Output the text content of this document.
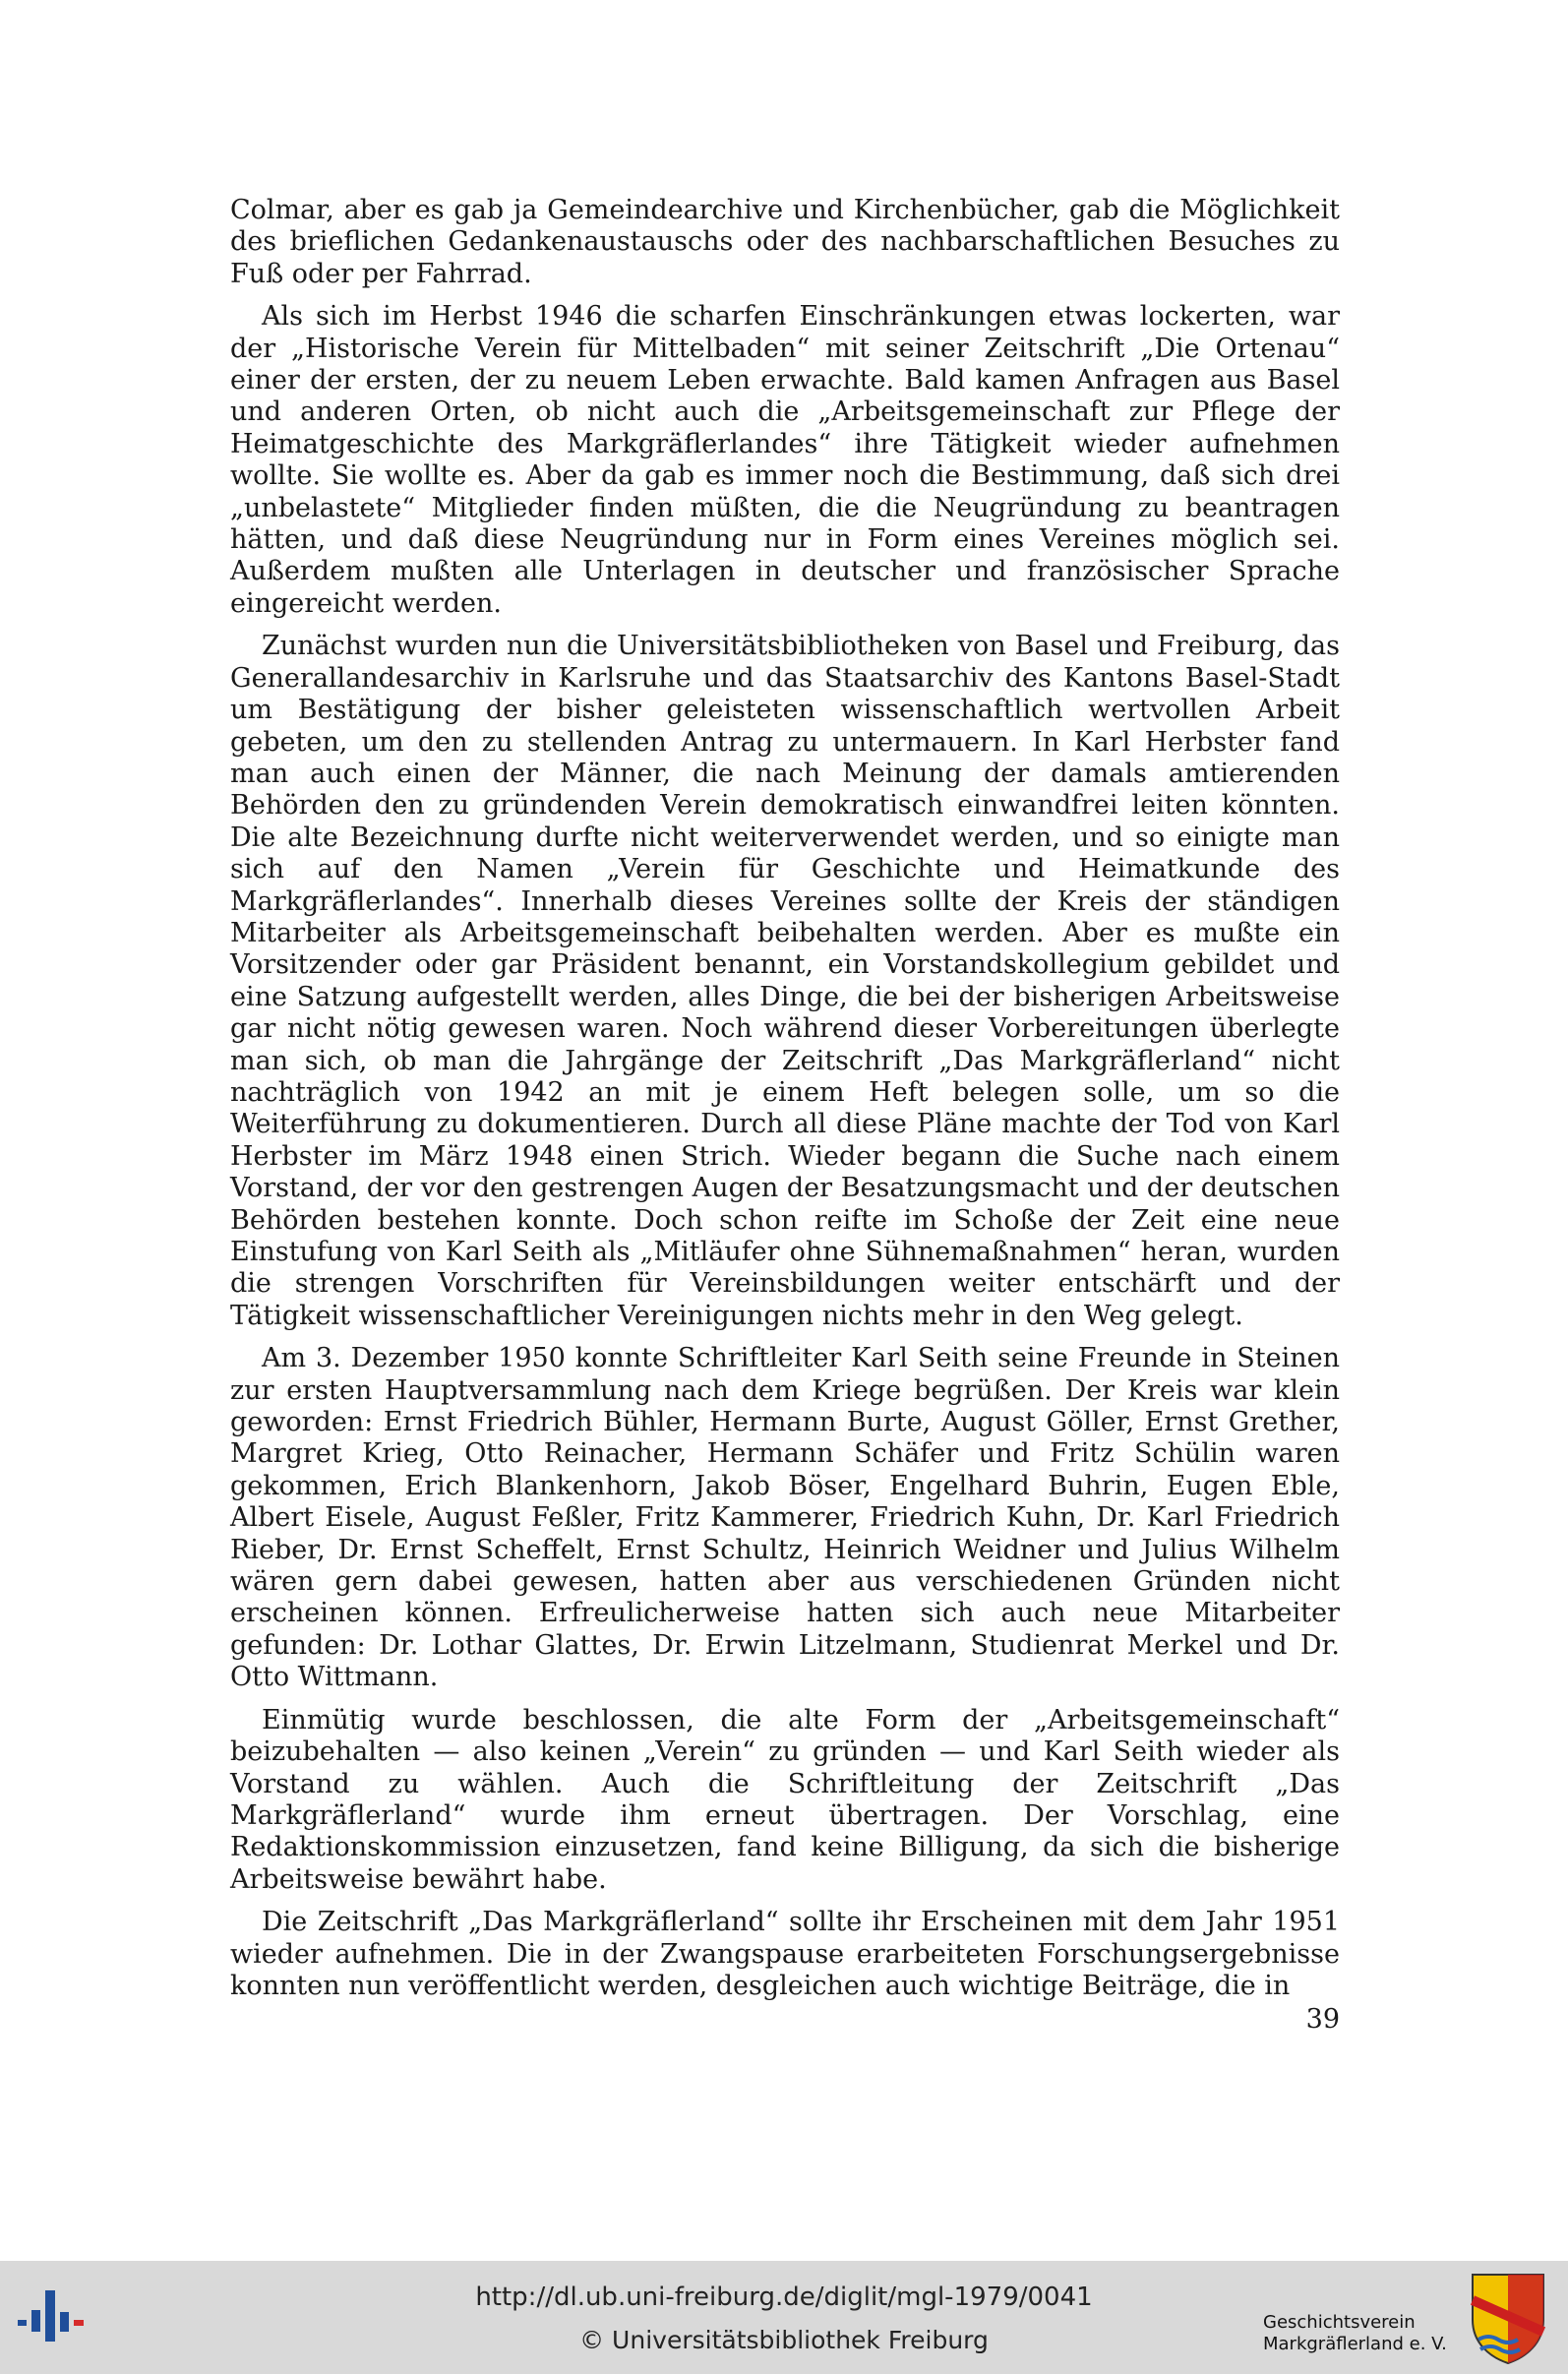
Colmar, aber es gab ja Gemeindearchive und Kirchenbücher, gab die Möglichkeit des brieflichen Gedankenaustauschs oder des nachbarschaftlichen Besuches zu Fuß oder per Fahrrad.

Als sich im Herbst 1946 die scharfen Einschränkungen etwas lockerten, war der „Historische Verein für Mittelbaden“ mit seiner Zeitschrift „Die Ortenau“ einer der ersten, der zu neuem Leben erwachte. Bald kamen Anfragen aus Basel und anderen Orten, ob nicht auch die „Arbeitsgemeinschaft zur Pflege der Heimatgeschichte des Markgräflerlandes“ ihre Tätigkeit wieder aufnehmen wollte. Sie wollte es. Aber da gab es immer noch die Bestimmung, daß sich drei „unbelastete“ Mitglieder finden müßten, die die Neugründung zu beantragen hätten, und daß diese Neugründung nur in Form eines Vereines möglich sei. Außerdem mußten alle Unterlagen in deutscher und französischer Sprache eingereicht werden.

Zunächst wurden nun die Universitätsbibliotheken von Basel und Freiburg, das Generallandesarchiv in Karlsruhe und das Staatsarchiv des Kantons Basel-Stadt um Bestätigung der bisher geleisteten wissenschaftlich wertvollen Arbeit gebeten, um den zu stellenden Antrag zu untermauern. In Karl Herbster fand man auch einen der Männer, die nach Meinung der damals amtierenden Behörden den zu gründenden Verein demokratisch einwandfrei leiten könnten. Die alte Bezeichnung durfte nicht weiterverwendet werden, und so einigte man sich auf den Namen „Verein für Geschichte und Heimatkunde des Markgräflerlandes“. Innerhalb dieses Vereines sollte der Kreis der ständigen Mitarbeiter als Arbeitsgemeinschaft beibehalten werden. Aber es mußte ein Vorsitzender oder gar Präsident benannt, ein Vorstandskollegium gebildet und eine Satzung aufgestellt werden, alles Dinge, die bei der bisherigen Arbeitsweise gar nicht nötig gewesen waren. Noch während dieser Vorbereitungen überlegte man sich, ob man die Jahrgänge der Zeitschrift „Das Markgräflerland“ nicht nachträglich von 1942 an mit je einem Heft belegen solle, um so die Weiterführung zu dokumentieren. Durch all diese Pläne machte der Tod von Karl Herbster im März 1948 einen Strich. Wieder begann die Suche nach einem Vorstand, der vor den gestrengen Augen der Besatzungsmacht und der deutschen Behörden bestehen konnte. Doch schon reifte im Schoße der Zeit eine neue Einstufung von Karl Seith als „Mitläufer ohne Sühnemaßnahmen“ heran, wurden die strengen Vorschriften für Vereinsbildungen weiter entschärft und der Tätigkeit wissenschaftlicher Vereinigungen nichts mehr in den Weg gelegt.

Am 3. Dezember 1950 konnte Schriftleiter Karl Seith seine Freunde in Steinen zur ersten Hauptversammlung nach dem Kriege begrüßen. Der Kreis war klein geworden: Ernst Friedrich Bühler, Hermann Burte, August Göller, Ernst Grether, Margret Krieg, Otto Reinacher, Hermann Schäfer und Fritz Schülin waren gekommen, Erich Blankenhorn, Jakob Böser, Engelhard Buhrin, Eugen Eble, Albert Eisele, August Feßler, Fritz Kammerer, Friedrich Kuhn, Dr. Karl Friedrich Rieber, Dr. Ernst Scheffelt, Ernst Schultz, Heinrich Weidner und Julius Wilhelm wären gern dabei gewesen, hatten aber aus verschiedenen Gründen nicht erscheinen können. Erfreulicherweise hatten sich auch neue Mitarbeiter gefunden: Dr. Lothar Glattes, Dr. Erwin Litzelmann, Studienrat Merkel und Dr. Otto Wittmann.

Einmütig wurde beschlossen, die alte Form der „Arbeitsgemeinschaft“ beizubehalten — also keinen „Verein“ zu gründen — und Karl Seith wieder als Vorstand zu wählen. Auch die Schriftleitung der Zeitschrift „Das Markgräflerland“ wurde ihm erneut übertragen. Der Vorschlag, eine Redaktionskommission einzusetzen, fand keine Billigung, da sich die bisherige Arbeitsweise bewährt habe.

Die Zeitschrift „Das Markgräflerland“ sollte ihr Erscheinen mit dem Jahr 1951 wieder aufnehmen. Die in der Zwangspause erarbeiteten Forschungsergebnisse konnten nun veröffentlicht werden, desgleichen auch wichtige Beiträge, die in

39
http://dl.ub.uni-freiburg.de/diglit/mgl-1979/0041
© Universitätsbibliothek Freiburg
Geschichtsverein
Markgräflerland e. V.
